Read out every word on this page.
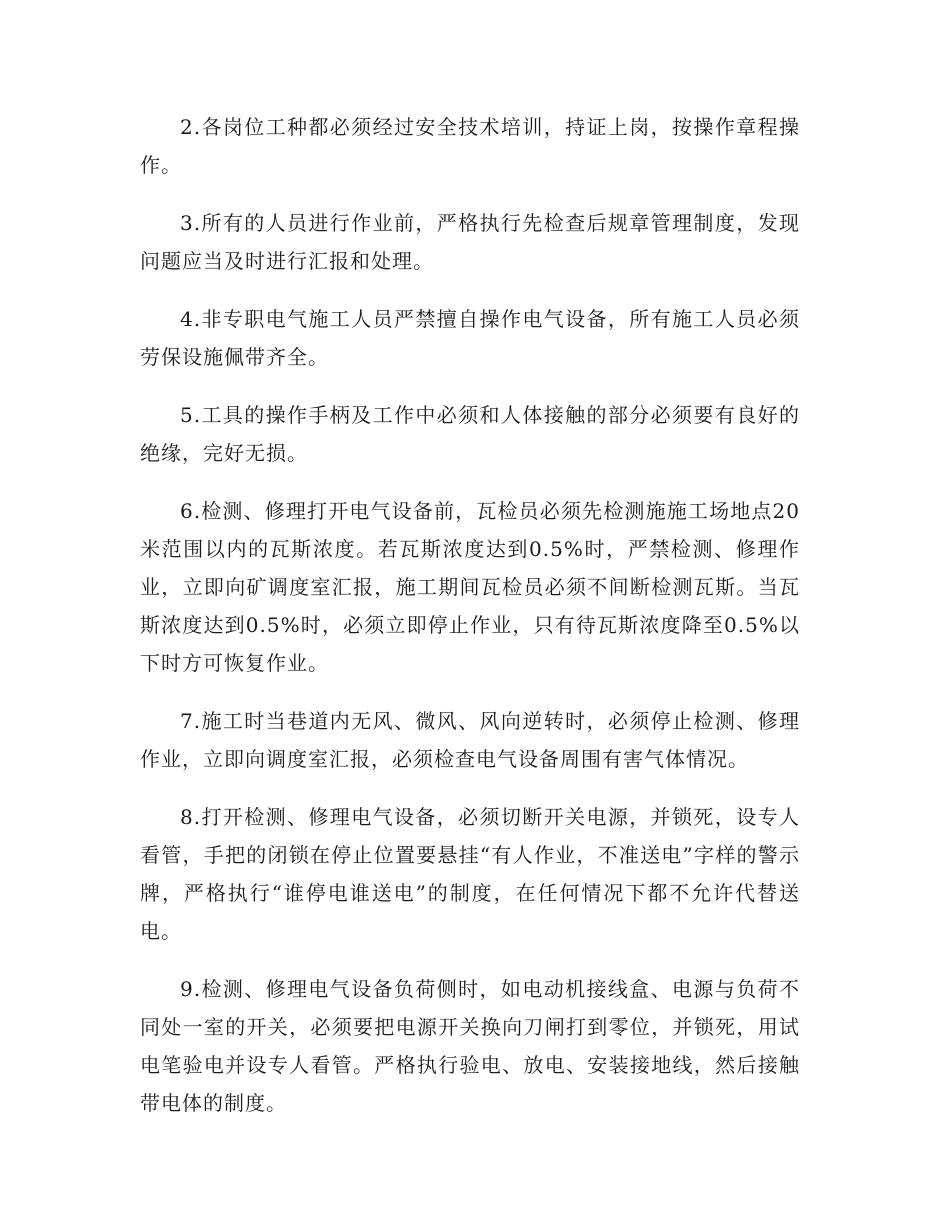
2.各岗位工种都必须经过安全技术培训，持证上岗，按操作章程操作。

3.所有的人员进行作业前，严格执行先检查后规章管理制度，发现问题应当及时进行汇报和处理。

4.非专职电气施工人员严禁擅自操作电气设备，所有施工人员必须劳保设施佩带齐全。

5.工具的操作手柄及工作中必须和人体接触的部分必须要有良好的绝缘，完好无损。

6.检测、修理打开电气设备前，瓦检员必须先检测施施工场地点20米范围以内的瓦斯浓度。若瓦斯浓度达到0.5%时，严禁检测、修理作业，立即向矿调度室汇报，施工期间瓦检员必须不间断检测瓦斯。当瓦斯浓度达到0.5%时，必须立即停止作业，只有待瓦斯浓度降至0.5%以下时方可恢复作业。

7.施工时当巷道内无风、微风、风向逆转时，必须停止检测、修理作业，立即向调度室汇报，必须检查电气设备周围有害气体情况。

8.打开检测、修理电气设备，必须切断开关电源，并锁死，设专人看管，手把的闭锁在停止位置要悬挂“有人作业，不准送电”字样的警示牌，严格执行“谁停电谁送电”的制度，在任何情况下都不允许代替送电。

9.检测、修理电气设备负荷侧时，如电动机接线盒、电源与负荷不同处一室的开关，必须要把电源开关换向刀闸打到零位，并锁死，用试电笔验电并设专人看管。严格执行验电、放电、安装接地线，然后接触带电体的制度。
